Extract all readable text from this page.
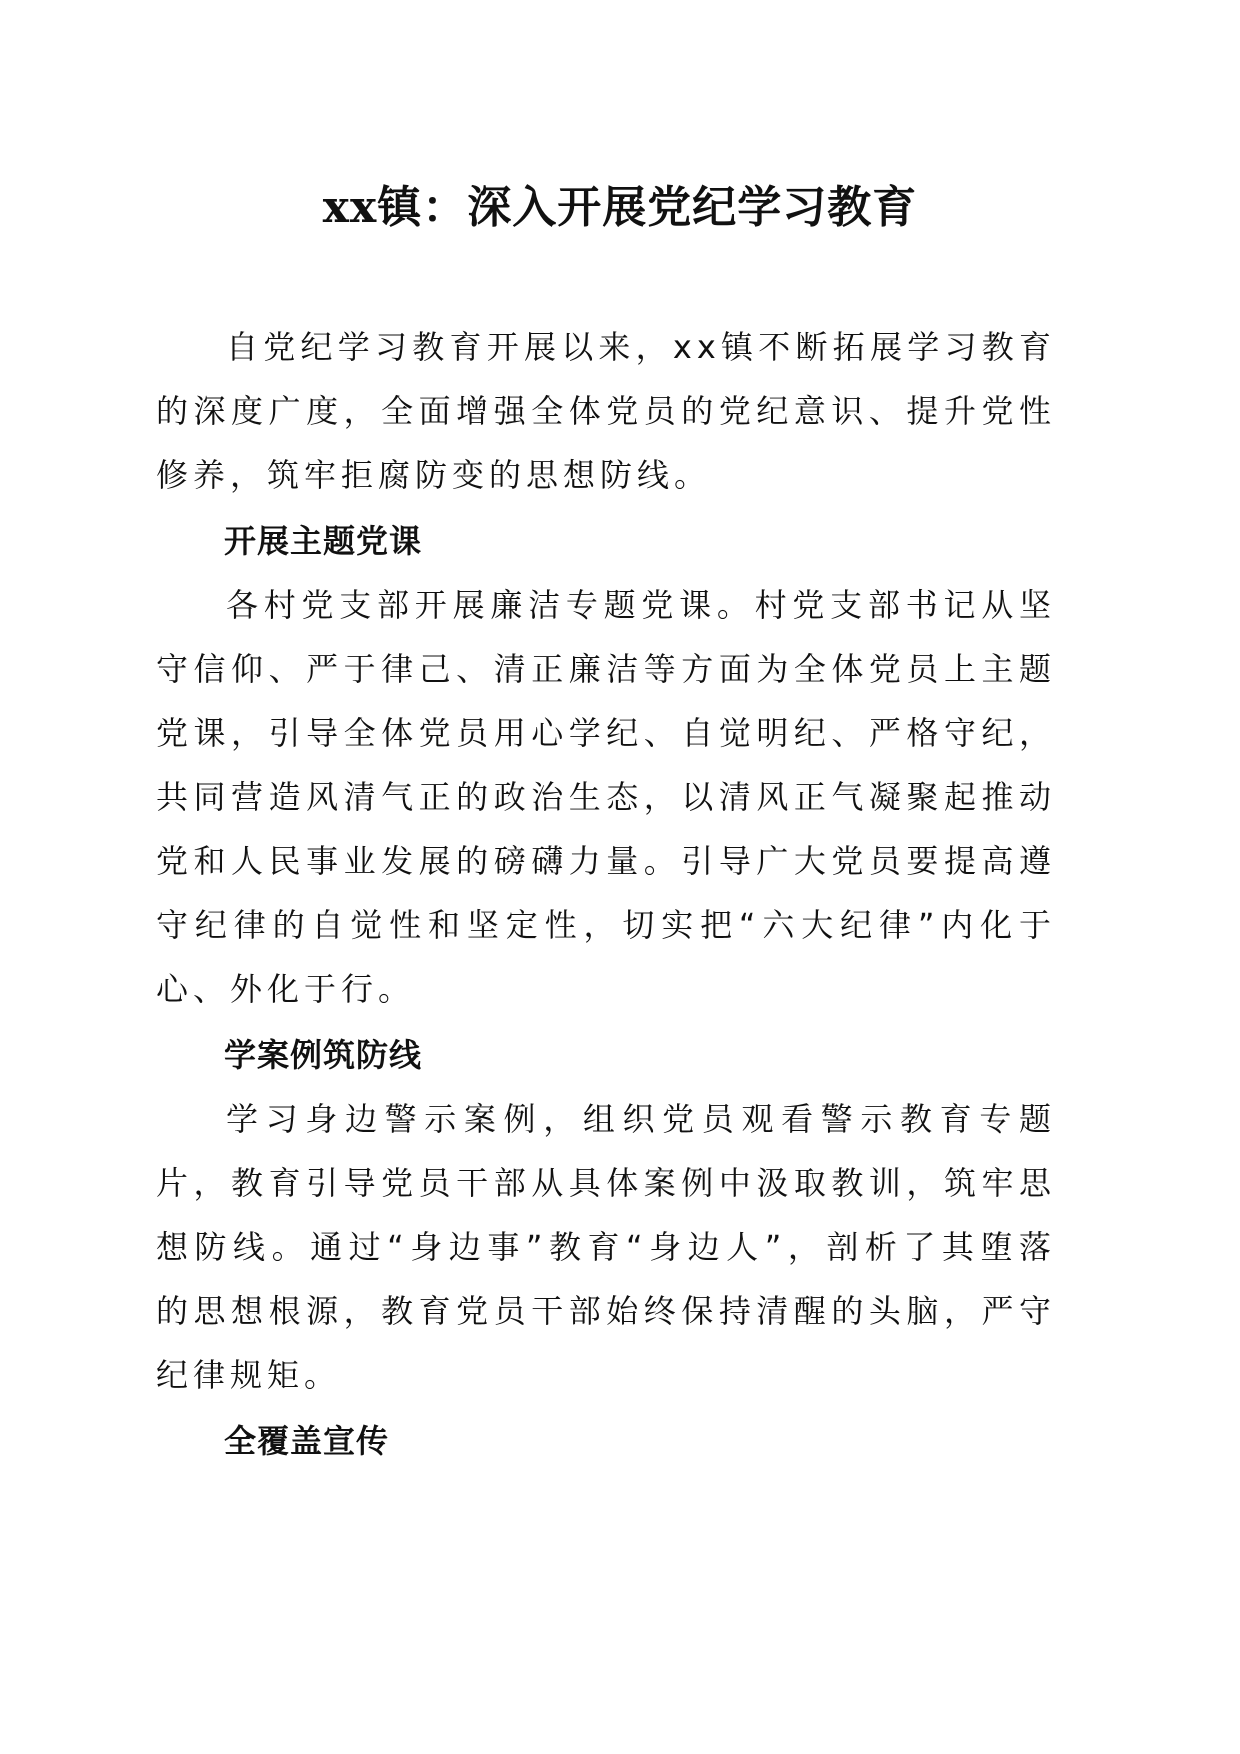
xx镇：深入开展党纪学习教育

自党纪学习教育开展以来，xx镇不断拓展学习教育的深度广度，全面增强全体党员的党纪意识、提升党性修养，筑牢拒腐防变的思想防线。

开展主题党课

各村党支部开展廉洁专题党课。村党支部书记从坚守信仰、严于律己、清正廉洁等方面为全体党员上主题党课，引导全体党员用心学纪、自觉明纪、严格守纪，共同营造风清气正的政治生态，以清风正气凝聚起推动党和人民事业发展的磅礴力量。引导广大党员要提高遵守纪律的自觉性和坚定性，切实把“六大纪律”内化于心、外化于行。

学案例筑防线

学习身边警示案例，组织党员观看警示教育专题片，教育引导党员干部从具体案例中汲取教训，筑牢思想防线。通过“身边事”教育“身边人”，剖析了其堕落的思想根源，教育党员干部始终保持清醒的头脑，严守纪律规矩。

全覆盖宣传
